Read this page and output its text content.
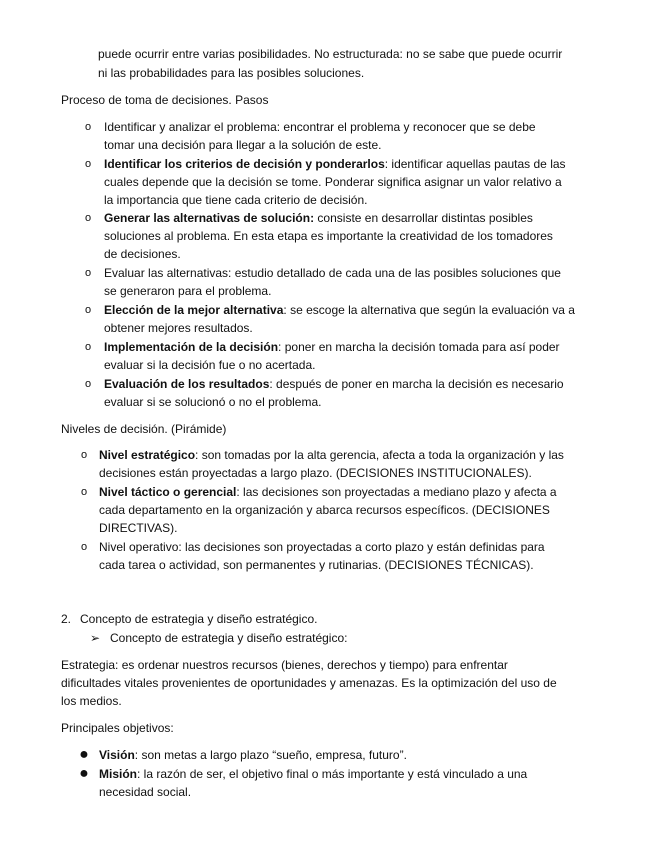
puede ocurrir entre varias posibilidades. No estructurada: no se sabe que puede ocurrir
ni las probabilidades para las posibles soluciones.
Proceso de toma de decisiones. Pasos
o	Identificar y analizar el problema: encontrar el problema y reconocer que se debe
tomar una decisión para llegar a la solución de este.
o	Identificar los criterios de decisión y ponderarlos: identificar aquellas pautas de las
cuales depende que la decisión se tome. Ponderar significa asignar un valor relativo a
la importancia que tiene cada criterio de decisión.
o	Generar las alternativas de solución: consiste en desarrollar distintas posibles
soluciones al problema. En esta etapa es importante la creatividad de los tomadores
de decisiones.
o	Evaluar las alternativas: estudio detallado de cada una de las posibles soluciones que
se generaron para el problema.
o	Elección de la mejor alternativa: se escoge la alternativa que según la evaluación va a
obtener mejores resultados.
o	Implementación de la decisión: poner en marcha la decisión tomada para así poder
evaluar si la decisión fue o no acertada.
o	Evaluación de los resultados: después de poner en marcha la decisión es necesario
evaluar si se solucionó o no el problema.
Niveles de decisión. (Pirámide)
o Nivel estratégico: son tomadas por la alta gerencia, afecta a toda la organización y las
decisiones están proyectadas a largo plazo. (DECISIONES INSTITUCIONALES).
o Nivel táctico o gerencial: las decisiones son proyectadas a mediano plazo y afecta a
cada departamento en la organización y abarca recursos específicos. (DECISIONES
DIRECTIVAS).
o Nivel operativo: las decisiones son proyectadas a corto plazo y están definidas para
cada tarea o actividad, son permanentes y rutinarias. (DECISIONES TÉCNICAS).
2. Concepto de estrategia y diseño estratégico.
➢ Concepto de estrategia y diseño estratégico:
Estrategia: es ordenar nuestros recursos (bienes, derechos y tiempo) para enfrentar
dificultades vitales provenientes de oportunidades y amenazas. Es la optimización del uso de
los medios.
Principales objetivos:
● Visión: son metas a largo plazo “sueño, empresa, futuro”.
● Misión: la razón de ser, el objetivo final o más importante y está vinculado a una
necesidad social.
